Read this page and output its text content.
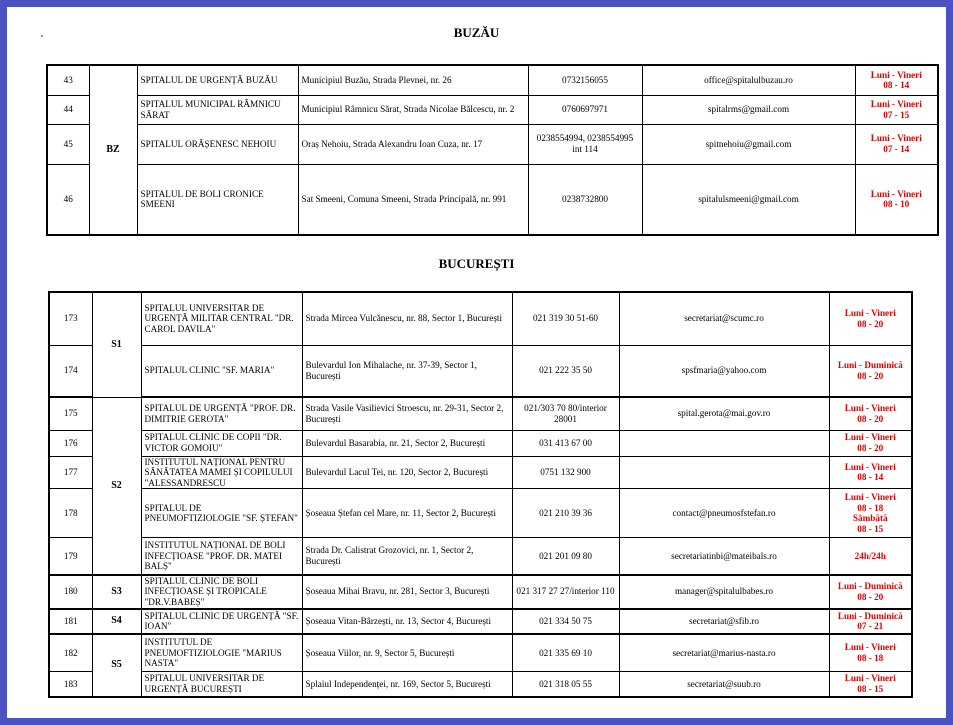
BUZĂU
43	BZ	SPITALUL DE URGENȚĂ BUZĂU	Municipiul Buzău, Strada Plevnei, nr. 26	0732156055	office@spitalulbuzau.ro	Luni - Vineri
08 - 14

44		SPITALUL MUNICIPAL RÂMNICU SĂRAT	Municipiul Râmnicu Sărat, Strada Nicolae Bălcescu, nr. 2	0760697971	spitalrms@gmail.com	Luni - Vineri
07 - 15

45		SPITALUL ORĂȘENESC NEHOIU	Oraș Nehoiu, Strada Alexandru Ioan Cuza, nr. 17	0238554994, 0238554995 int 114	spitnehoiu@gmail.com	Luni - Vineri
07 - 14

46		SPITALUL DE BOLI CRONICE SMEENI	Sat Smeeni, Comuna Smeeni, Strada Principală, nr. 991	0238732800	spitalulsmeeni@gmail.com	Luni - Vineri
08 - 10
BUCUREȘTI
173	S1	SPITALUL UNIVERSITAR DE URGENȚĂ MILITAR CENTRAL "DR. CAROL DAVILA"	Strada Mircea Vulcănescu, nr. 88, Sector 1, București	021 319 30 51-60	secretariat@scumc.ro	Luni - Vineri
08 - 20

174		SPITALUL CLINIC "SF. MARIA"	Bulevardul Ion Mihalache, nr. 37-39, Sector 1, București	021 222 35 50	spsfmaria@yahoo.com	Luni - Duminică
08 - 20

175	S2	SPITALUL DE URGENȚĂ "PROF. DR. DIMITRIE GEROTA"	Strada Vasile Vasilievici Stroescu, nr. 29-31, Sector 2, București	021/303 70 80/interior 28001	spital.gerota@mai.gov.ro	Luni - Vineri
08 - 20

176		SPITALUL CLINIC DE COPII "DR. VICTOR GOMOIU"	Bulevardul Basarabia, nr. 21, Sector 2, București	031 413 67 00		Luni - Vineri
08 - 20

177		INSTITUTUL NAȚIONAL PENTRU SĂNĂTATEA MAMEI ȘI COPILULUI "ALESSANDRESCU	Bulevardul Lacul Tei, nr. 120, Sector 2, București	0751 132 900		Luni - Vineri
08 - 14

178		SPITALUL DE PNEUMOFTIZIOLOGIE "SF. ȘTEFAN"	Șoseaua Ștefan cel Mare, nr. 11, Sector 2, București	021 210 39 36	contact@pneumosfstefan.ro	Luni - Vineri
08 - 18
Sâmbătă
08 - 15

179		INSTITUTUL NAȚIONAL DE BOLI INFECȚIOASE "PROF. DR. MATEI BALȘ"	Strada Dr. Calistrat Grozovici, nr. 1, Sector 2, București	021 201 09 80	secretariatinbi@mateibals.ro	24h/24h

180	S3	SPITALUL CLINIC DE BOLI INFECȚIOASE ȘI TROPICALE "DR.V.BABEȘ"	Șoseaua Mihai Bravu, nr. 281, Sector 3, București	021 317 27 27/interior 110	manager@spitalulbabes.ro	Luni - Duminică
08 - 20

181	S4	SPITALUL CLINIC DE URGENȚĂ "SF. IOAN"	Șoseaua Vitan-Bârzești, nr. 13, Sector 4, București	021 334 50 75	secretariat@sfib.ro	Luni - Duminică
07 - 21

182	S5	INSTITUTUL DE PNEUMOFTIZIOLOGIE "MARIUS NASTA"	Șoseaua Viilor, nr. 9, Sector 5, București	021 335 69 10	secretariat@marius-nasta.ro	Luni - Vineri
08 - 18

183		SPITALUL UNIVERSITAR DE URGENȚĂ BUCUREȘTI	Splaiul Independenței, nr. 169, Sector 5, București	021 318 05 55	secretariat@suub.ro	Luni - Vineri
08 - 15
